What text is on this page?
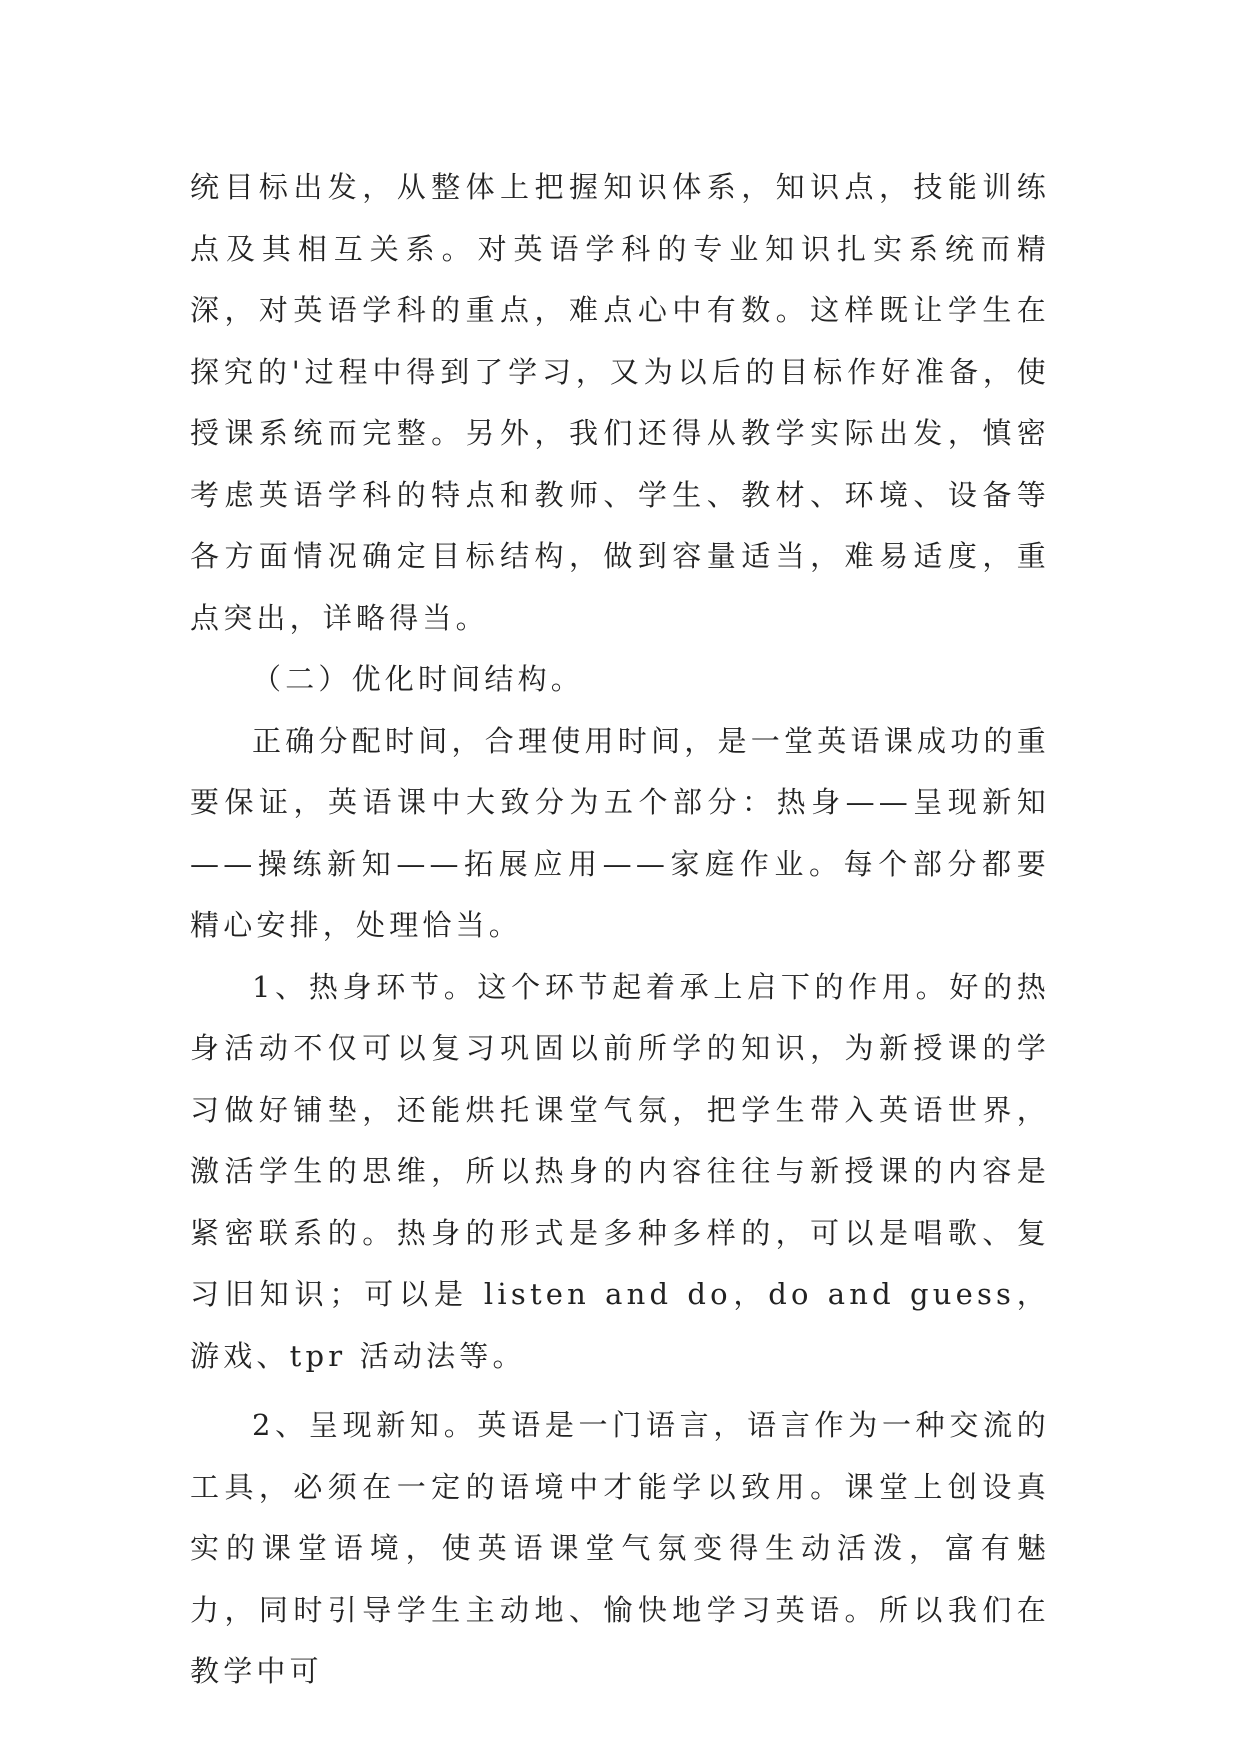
统目标出发，从整体上把握知识体系，知识点，技能训练点及其相互关系。对英语学科的专业知识扎实系统而精深，对英语学科的重点，难点心中有数。这样既让学生在探究的'过程中得到了学习，又为以后的目标作好准备，使授课系统而完整。另外，我们还得从教学实际出发，慎密考虑英语学科的特点和教师、学生、教材、环境、设备等各方面情况确定目标结构，做到容量适当，难易适度，重点突出，详略得当。

（二）优化时间结构。

正确分配时间，合理使用时间，是一堂英语课成功的重要保证，英语课中大致分为五个部分：热身——呈现新知——操练新知——拓展应用——家庭作业。每个部分都要精心安排，处理恰当。

1、热身环节。这个环节起着承上启下的作用。好的热身活动不仅可以复习巩固以前所学的知识，为新授课的学习做好铺垫，还能烘托课堂气氛，把学生带入英语世界，激活学生的思维，所以热身的内容往往与新授课的内容是紧密联系的。热身的形式是多种多样的，可以是唱歌、复习旧知识；可以是 listen and do，do and guess，游戏、tpr 活动法等。

2、呈现新知。英语是一门语言，语言作为一种交流的工具，必须在一定的语境中才能学以致用。课堂上创设真实的课堂语境，使英语课堂气氛变得生动活泼，富有魅力，同时引导学生主动地、愉快地学习英语。所以我们在教学中可
